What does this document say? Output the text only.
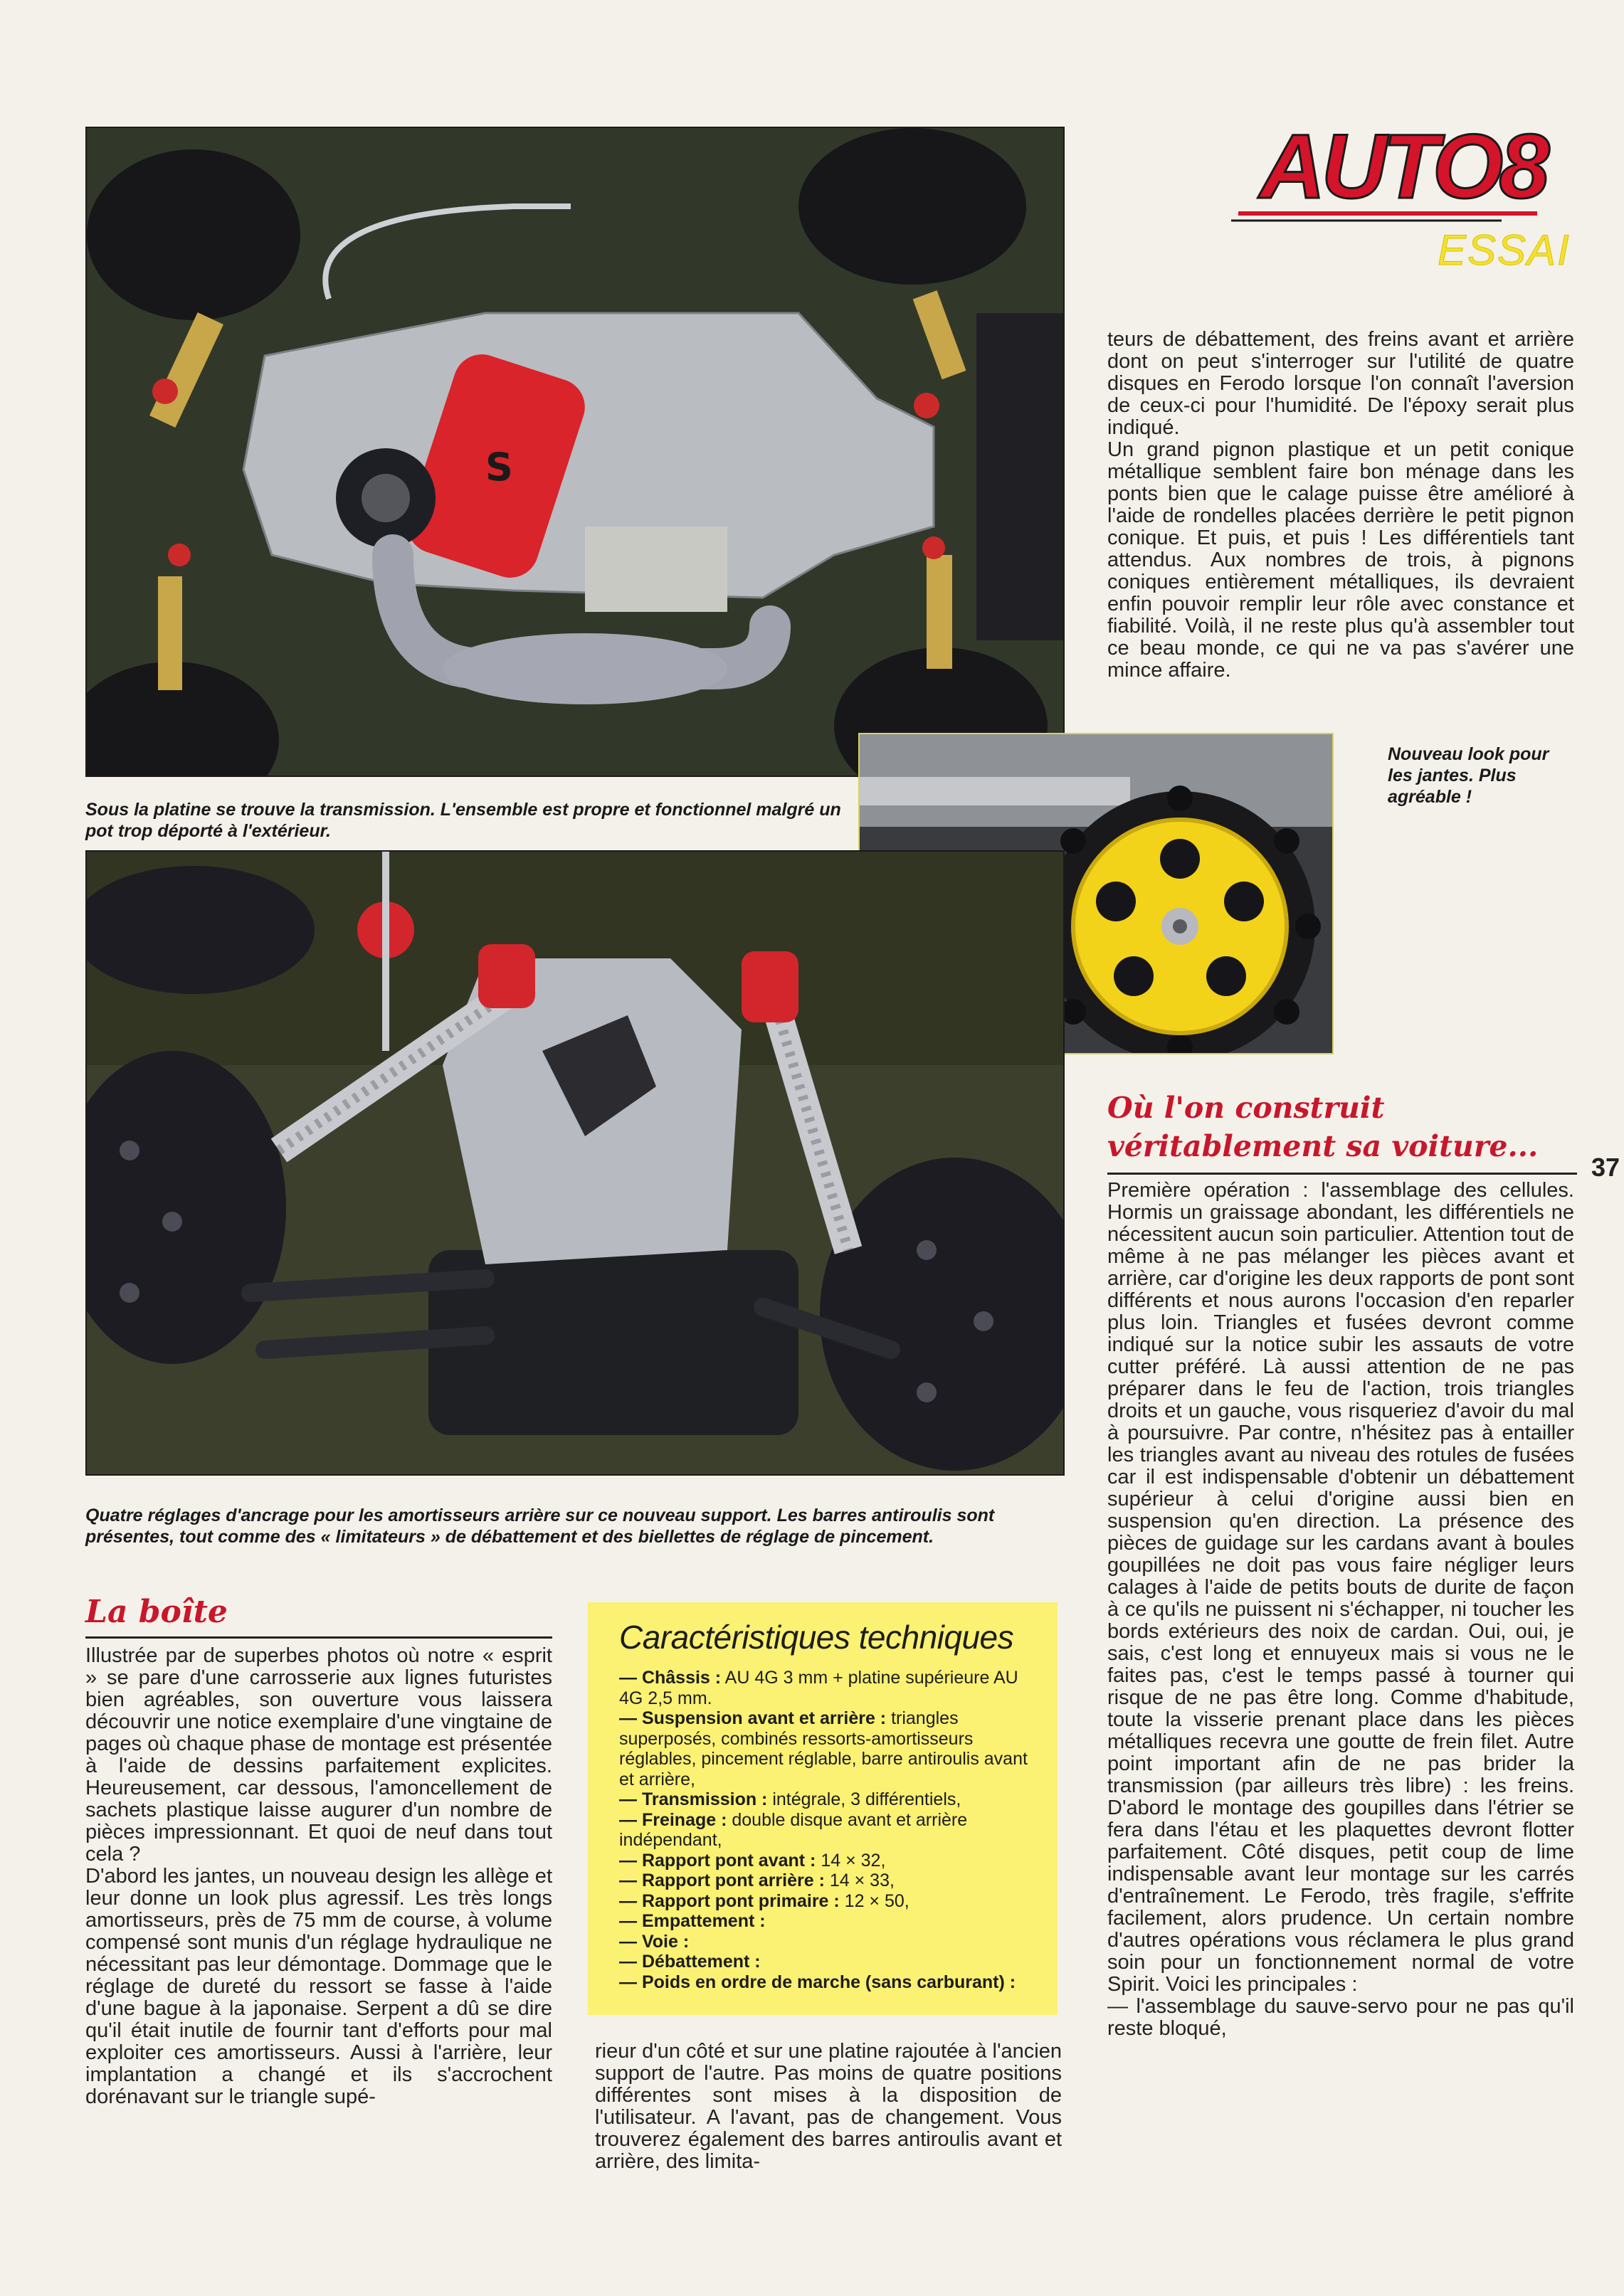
S
AUTO8
ESSAI

teurs de débattement, des freins avant et arrière dont on peut s'interroger sur l'utilité de quatre disques en Ferodo lorsque l'on connaît l'aversion de ceux-ci pour l'humidité. De l'époxy serait plus indiqué.

Un grand pignon plastique et un petit conique métallique semblent faire bon ménage dans les ponts bien que le calage puisse être amélioré à l'aide de rondelles placées derrière le petit pignon conique. Et puis, et puis ! Les différentiels tant attendus. Aux nombres de trois, à pignons coniques entièrement métalliques, ils devraient enfin pouvoir remplir leur rôle avec constance et fiabilité. Voilà, il ne reste plus qu'à assembler tout ce beau monde, ce qui ne va pas s'avérer une mince affaire.

Sous la platine se trouve la transmission. L'ensemble est propre et fonctionnel malgré un pot trop déporté à l'extérieur.
Nouveau look pour les jantes. Plus agréable !
Quatre réglages d'ancrage pour les amortisseurs arrière sur ce nouveau support. Les barres antiroulis sont présentes, tout comme des « limitateurs » de débattement et des biellettes de réglage de pincement.
Où l'on construit véritablement sa voiture...
37

Première opération : l'assemblage des cellules. Hormis un graissage abondant, les différentiels ne nécessitent aucun soin particulier. Attention tout de même à ne pas mélanger les pièces avant et arrière, car d'origine les deux rapports de pont sont différents et nous aurons l'occasion d'en reparler plus loin. Triangles et fusées devront comme indiqué sur la notice subir les assauts de votre cutter préféré. Là aussi attention de ne pas préparer dans le feu de l'action, trois triangles droits et un gauche, vous risqueriez d'avoir du mal à poursuivre. Par contre, n'hésitez pas à entailler les triangles avant au niveau des rotules de fusées car il est indispensable d'obtenir un débattement supérieur à celui d'origine aussi bien en suspension qu'en direction. La présence des pièces de guidage sur les cardans avant à boules goupillées ne doit pas vous faire négliger leurs calages à l'aide de petits bouts de durite de façon à ce qu'ils ne puissent ni s'échapper, ni toucher les bords extérieurs des noix de cardan. Oui, oui, je sais, c'est long et ennuyeux mais si vous ne le faites pas, c'est le temps passé à tourner qui risque de ne pas être long. Comme d'habitude, toute la visserie prenant place dans les pièces métalliques recevra une goutte de frein filet. Autre point important afin de ne pas brider la transmission (par ailleurs très libre) : les freins. D'abord le montage des goupilles dans l'étrier se fera dans l'étau et les plaquettes devront flotter parfaitement. Côté disques, petit coup de lime indispensable avant leur montage sur les carrés d'entraînement. Le Ferodo, très fragile, s'effrite facilement, alors prudence. Un certain nombre d'autres opérations vous réclamera le plus grand soin pour un fonctionnement normal de votre Spirit. Voici les principales :

— l'assemblage du sauve-servo pour ne pas qu'il reste bloqué,

La boîte

Illustrée par de superbes photos où notre « esprit » se pare d'une carrosserie aux lignes futuristes bien agréables, son ouverture vous laissera découvrir une notice exemplaire d'une vingtaine de pages où chaque phase de montage est présentée à l'aide de dessins parfaitement explicites. Heureusement, car dessous, l'amoncellement de sachets plastique laisse augurer d'un nombre de pièces impressionnant. Et quoi de neuf dans tout cela ?

D'abord les jantes, un nouveau design les allège et leur donne un look plus agressif. Les très longs amortisseurs, près de 75 mm de course, à volume compensé sont munis d'un réglage hydraulique ne nécessitant pas leur démontage. Dommage que le réglage de dureté du ressort se fasse à l'aide d'une bague à la japonaise. Serpent a dû se dire qu'il était inutile de fournir tant d'efforts pour mal exploiter ces amortisseurs. Aussi à l'arrière, leur implantation a changé et ils s'accrochent dorénavant sur le triangle supé-

Caractéristiques techniques
— Châssis : AU 4G 3 mm + platine supérieure AU 4G 2,5 mm.
— Suspension avant et arrière : triangles superposés, combinés ressorts-amortisseurs réglables, pincement réglable, barre antiroulis avant et arrière,
— Transmission : intégrale, 3 différentiels,
— Freinage : double disque avant et arrière indépendant,
— Rapport pont avant : 14 × 32,
— Rapport pont arrière : 14 × 33,
— Rapport pont primaire : 12 × 50,
— Empattement :
— Voie :
— Débattement :
— Poids en ordre de marche (sans carburant) :

rieur d'un côté et sur une platine rajoutée à l'ancien support de l'autre. Pas moins de quatre positions différentes sont mises à la disposition de l'utilisateur. A l'avant, pas de changement. Vous trouverez également des barres antiroulis avant et arrière, des limita-
